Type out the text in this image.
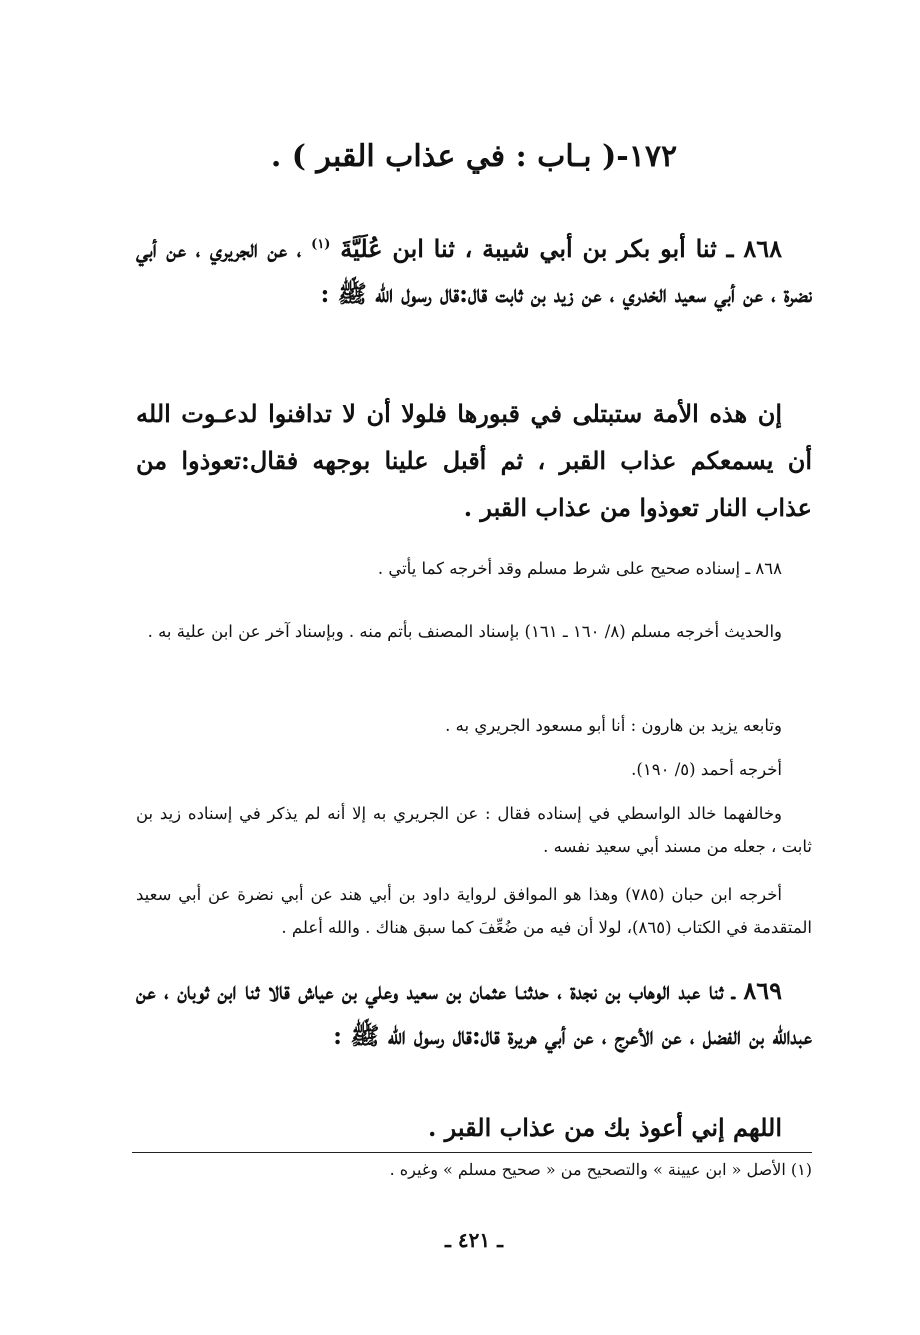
١٧٢-( بـاب : في عذاب القبر ) .
٨٦٨ ـ ثنا أبو بكر بن أبي شيبة ، ثنا ابن عُلَيَّةَ $^{(١)}$ ، عن الجريري ، عن أبي نضرة ، عن أبي سعيد الخدري ، عن زيد بن ثابت قال:قال رسول الله ﷺ :
إن هذه الأمة ستبتلى في قبورها فلولا أن لا تدافنوا لدعـوت الله أن يسمعكم عذاب القبر ، ثم أقبل علينا بوجهه فقال:تعوذوا من عذاب النار تعوذوا من عذاب القبر .
٨٦٨ ـ إسناده صحيح على شرط مسلم وقد أخرجه كما يأتي .
والحديث أخرجه مسلم (٨/ ١٦٠ ـ ١٦١) بإسناد المصنف بأتم منه . وبإسناد آخر عن ابن علية به .
وتابعه يزيد بن هارون : أنا أبو مسعود الجريري به .
أخرجه أحمد (٥/ ١٩٠).
وخالفهما خالد الواسطي في إسناده فقال : عن الجريري به إلا أنه لم يذكر في إسناده زيد بن ثابت ، جعله من مسند أبي سعيد نفسه .
أخرجه ابن حبان (٧٨٥) وهذا هو الموافق لرواية داود بن أبي هند عن أبي نضرة عن أبي سعيد المتقدمة في الكتاب (٨٦٥)، لولا أن فيه من ضُعِّفَ كما سبق هناك . والله أعلم .
٨٦٩ ـ ثنا عبد الوهاب بن نجدة ، حدثنـا عثمان بن سعيد وعلي بن عياش قالا ثنا ابن ثوبان ، عن عبدالله بن الفضل ، عن الأعرج ، عن أبي هريرة قال:قال رسول الله ﷺ :
اللهم إني أعوذ بك من عذاب القبر .
(١) الأصل « ابن عيينة » والتصحيح من « صحيح مسلم » وغيره .
ـ ٤٢١ ـ
